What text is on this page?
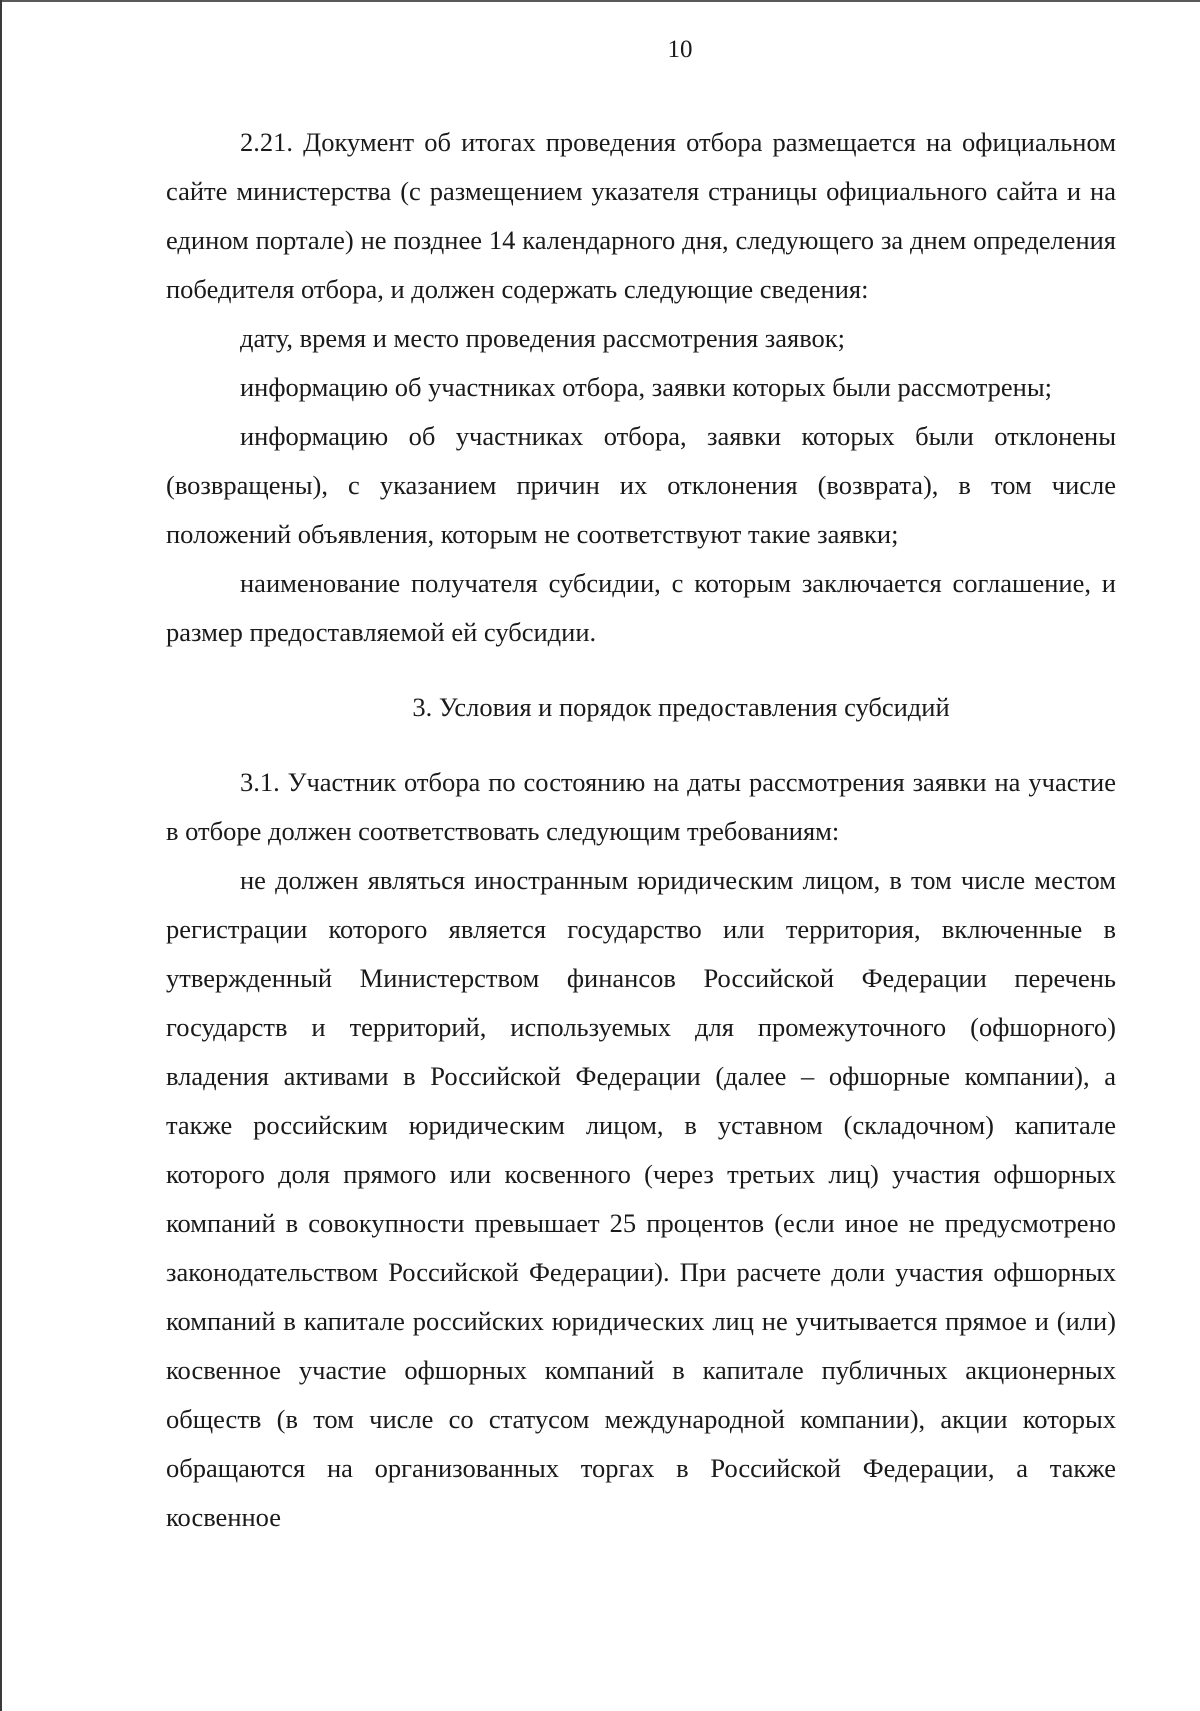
10

2.21. Документ об итогах проведения отбора размещается на официальном сайте министерства (с размещением указателя страницы официального сайта и на едином портале) не позднее 14 календарного дня, следующего за днем определения победителя отбора, и должен содержать следующие сведения:

дату, время и место проведения рассмотрения заявок;

информацию об участниках отбора, заявки которых были рассмотрены;

информацию об участниках отбора, заявки которых были отклонены (возвращены), с указанием причин их отклонения (возврата), в том числе положений объявления, которым не соответствуют такие заявки;

наименование получателя субсидии, с которым заключается соглашение, и размер предоставляемой ей субсидии.

3. Условия и порядок предоставления субсидий

3.1. Участник отбора по состоянию на даты рассмотрения заявки на участие в отборе должен соответствовать следующим требованиям:

не должен являться иностранным юридическим лицом, в том числе местом регистрации которого является государство или территория, включенные в утвержденный Министерством финансов Российской Федерации перечень государств и территорий, используемых для промежуточного (офшорного) владения активами в Российской Федерации (далее – офшорные компании), а также российским юридическим лицом, в уставном (складочном) капитале которого доля прямого или косвенного (через третьих лиц) участия офшорных компаний в совокупности превышает 25 процентов (если иное не предусмотрено законодательством Российской Федерации). При расчете доли участия офшорных компаний в капитале российских юридических лиц не учитывается прямое и (или) косвенное участие офшорных компаний в капитале публичных акционерных обществ (в том числе со статусом международной компании), акции которых обращаются на организованных торгах в Российской Федерации, а также косвенное
